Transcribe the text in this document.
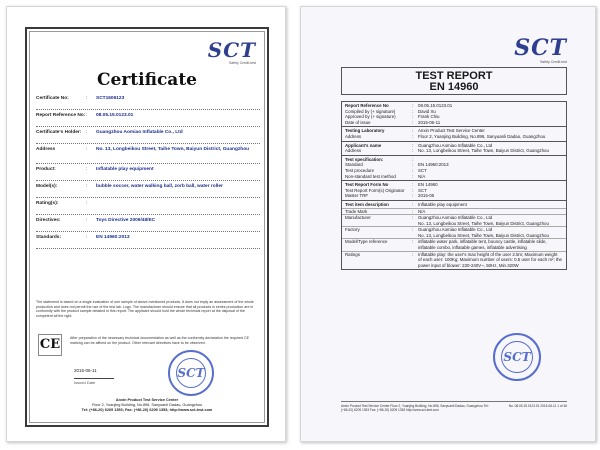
SCT
Safety Credit-test
Certificate
Certificate No:	: SCT1606123
Report Reference No: : 08.05.15.0123.01
Certificate's Holder: : Guangzhou Aomiao Inflatable Co., Ltd
Address	: No. 13, Longbeikou Street, Taihe Town, Baiyun District, Guangzhou
Product:	: Inflatable play equipment
Model(s):	: bubble soccer, water walking ball, zorb ball, water roller
Rating(s):	:
Directives:	: Toys Directive 2009/48/EC
Standards:	: EN 14960:2013
The statement is based on a single evaluation of one sample of above mentioned products. It does not imply an assessment of the whole production and does not permit the use of the test lab. Logo. The manufacturer should ensure that all products in series production are in conformity with the product sample detailed in this report. The applicant should hold the whole technical report at the disposal of the competent all the right.
CE	After preparation of the necessary technical documentation as well as the conformity declaration the required CE marking can be affixed on the product. Other relevant directives have to be observed.
2015-06-11
Issued Date
SCT
Anxin Product Test Service Center
Floor 2, Yuanjing Building, No.896, Sanyuanli Dadao, Guangzhou
Tel: (+86-20) 6209 1353; Fax: (+86-20) 6209 1353; http://www.sct-test.com
SCT
Safety Credit-test
TEST REPORT
EN 14960
Report Reference No	: 08.05.15.0123.01
Compiled by (+ signature)	: David Xu
Approved by (+ signature)	: Frank Chiu
Date of issue	: 2015-06-11
Testing Laboratory	: Anxin Product Test Service Center
Address	: Floor 2, Yuanjing Building, No.896, Sanyuanli Dadao, Guangzhou
Applicant's name	: Guangzhou Aomiao Inflatable Co., Ltd
Address	: No. 13, Longbeikou Street, Taihe Town, Baiyun District, Guangzhou
Test specification:	:
Standard	: EN 14960:2013
Test procedure	: SCT
Non-standard test method	: N/A
Test Report Form No	: EN 14960
Test Report Form(s) Originator : SCT
Master TRF	: 2015-06
Test item description	: Inflatable play equipment
Trade Mark	: N/A
Manufacturer	: Guangzhou Aomiao Inflatable Co., Ltd
No. 13, Longbeikou Street, Taihe Town, Baiyun District, Guangzhou
Factory	: Guangzhou Aomiao Inflatable Co., Ltd
No. 13, Longbeikou Street, Taihe Town, Baiyun District, Guangzhou
Model/Type reference	: inflatable water park, inflatable tent, bouncy castle, inflatable slide, inflatable combo, inflatable games, inflatable advertising
Ratings	: Inflatable play: the user's max height of the user 2.5m; Maximum weight of each user: 100Kg; Maximum number of users: 0.5 user for each m²; the power input of blower: 220-240V~, 50Hz, Min.320W
SCT
Anxin Product Test Service Center Floor 2, Yuanjing Building, No.896, Sanyuanli Dadao, Guangzhou Tel: (+86-20) 6209 1353 Fax: (+86-20) 6209 1353 http://www.sct-test.com
No. 08.05.15.0123.01 2015-06-11 1 of 46
